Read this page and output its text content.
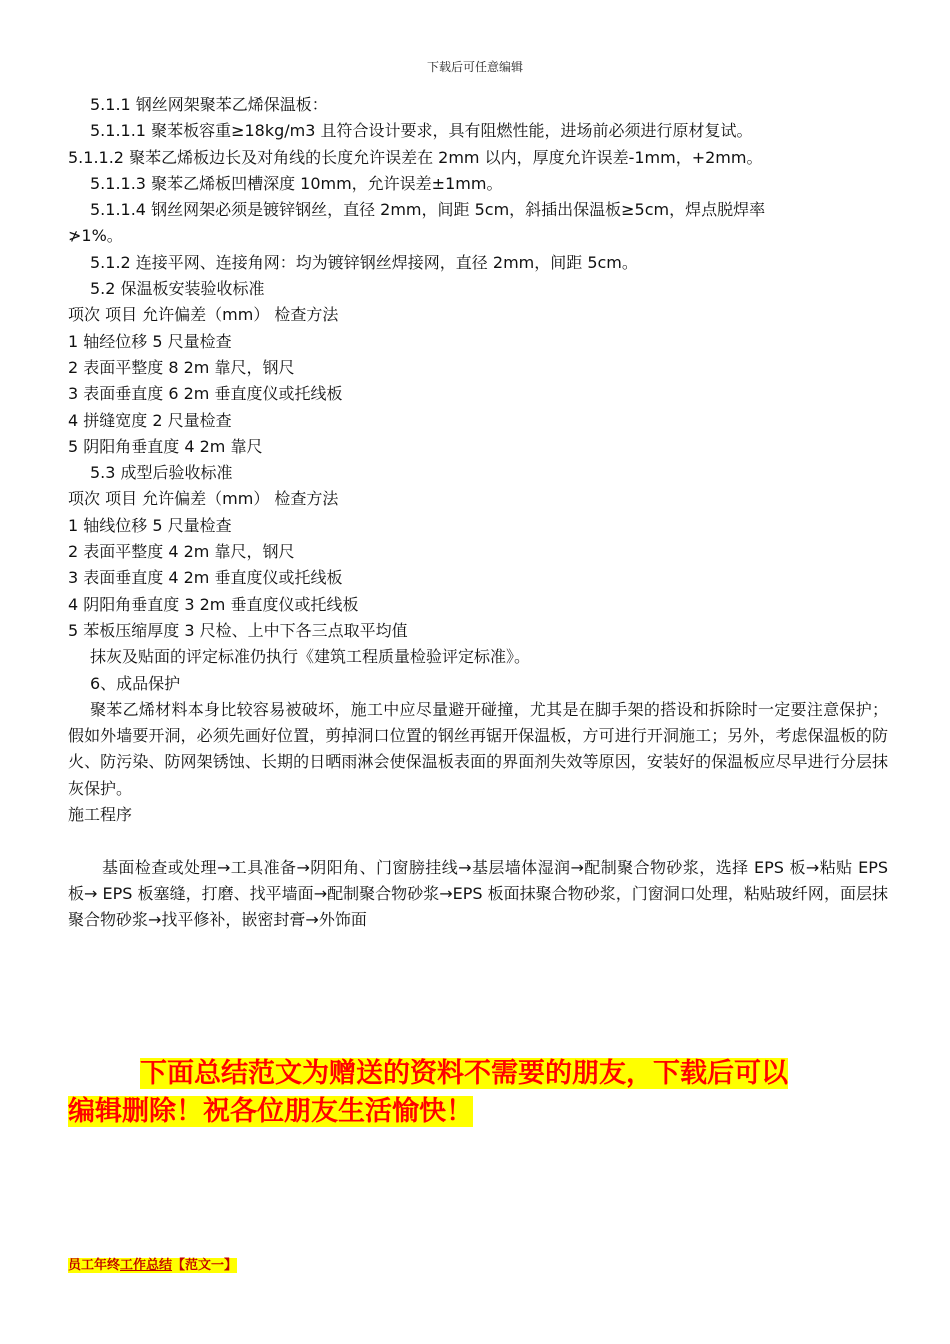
下载后可任意编辑
5.1.1 钢丝网架聚苯乙烯保温板：
5.1.1.1 聚苯板容重≥18kg/m3 且符合设计要求，具有阻燃性能，进场前必须进行原材复试。
5.1.1.2 聚苯乙烯板边长及对角线的长度允许误差在 2mm 以内，厚度允许误差-1mm，+2mm。
5.1.1.3 聚苯乙烯板凹槽深度 10mm，允许误差±1mm。
5.1.1.4 钢丝网架必须是镀锌钢丝，直径 2mm，间距 5cm，斜插出保温板≥5cm，焊点脱焊率
≯1%。
5.1.2 连接平网、连接角网：均为镀锌钢丝焊接网，直径 2mm，间距 5cm。
5.2 保温板安装验收标准
项次 项目 允许偏差（mm） 检查方法
1 轴经位移 5 尺量检查
2 表面平整度 8 2m 靠尺，钢尺
3 表面垂直度 6 2m 垂直度仪或托线板
4 拼缝宽度 2 尺量检查
5 阴阳角垂直度 4 2m 靠尺
5.3 成型后验收标准
项次 项目 允许偏差（mm） 检查方法
1 轴线位移 5 尺量检查
2 表面平整度 4 2m 靠尺，钢尺
3 表面垂直度 4 2m 垂直度仪或托线板
4 阴阳角垂直度 3 2m 垂直度仪或托线板
5 苯板压缩厚度 3 尺检、上中下各三点取平均值
抹灰及贴面的评定标准仍执行《建筑工程质量检验评定标准》。
6、成品保护
聚苯乙烯材料本身比较容易被破坏，施工中应尽量避开碰撞，尤其是在脚手架的搭设和拆除时一定要注意保护；假如外墙要开洞，必须先画好位置，剪掉洞口位置的钢丝再锯开保温板，方可进行开洞施工；另外，考虑保温板的防火、防污染、防网架锈蚀、长期的日晒雨淋会使保温板表面的界面剂失效等原因，安装好的保温板应尽早进行分层抹灰保护。
施工程序
基面检查或处理→工具准备→阴阳角、门窗膀挂线→基层墙体湿润→配制聚合物砂浆，选择 EPS 板→粘贴 EPS 板→ EPS 板塞缝，打磨、找平墙面→配制聚合物砂浆→EPS 板面抹聚合物砂浆，门窗洞口处理，粘贴玻纤网，面层抹聚合物砂浆→找平修补，嵌密封膏→外饰面
下面总结范文为赠送的资料不需要的朋友，下载后可以
编辑删除！祝各位朋友生活愉快！
员工年终工作总结【范文一】
